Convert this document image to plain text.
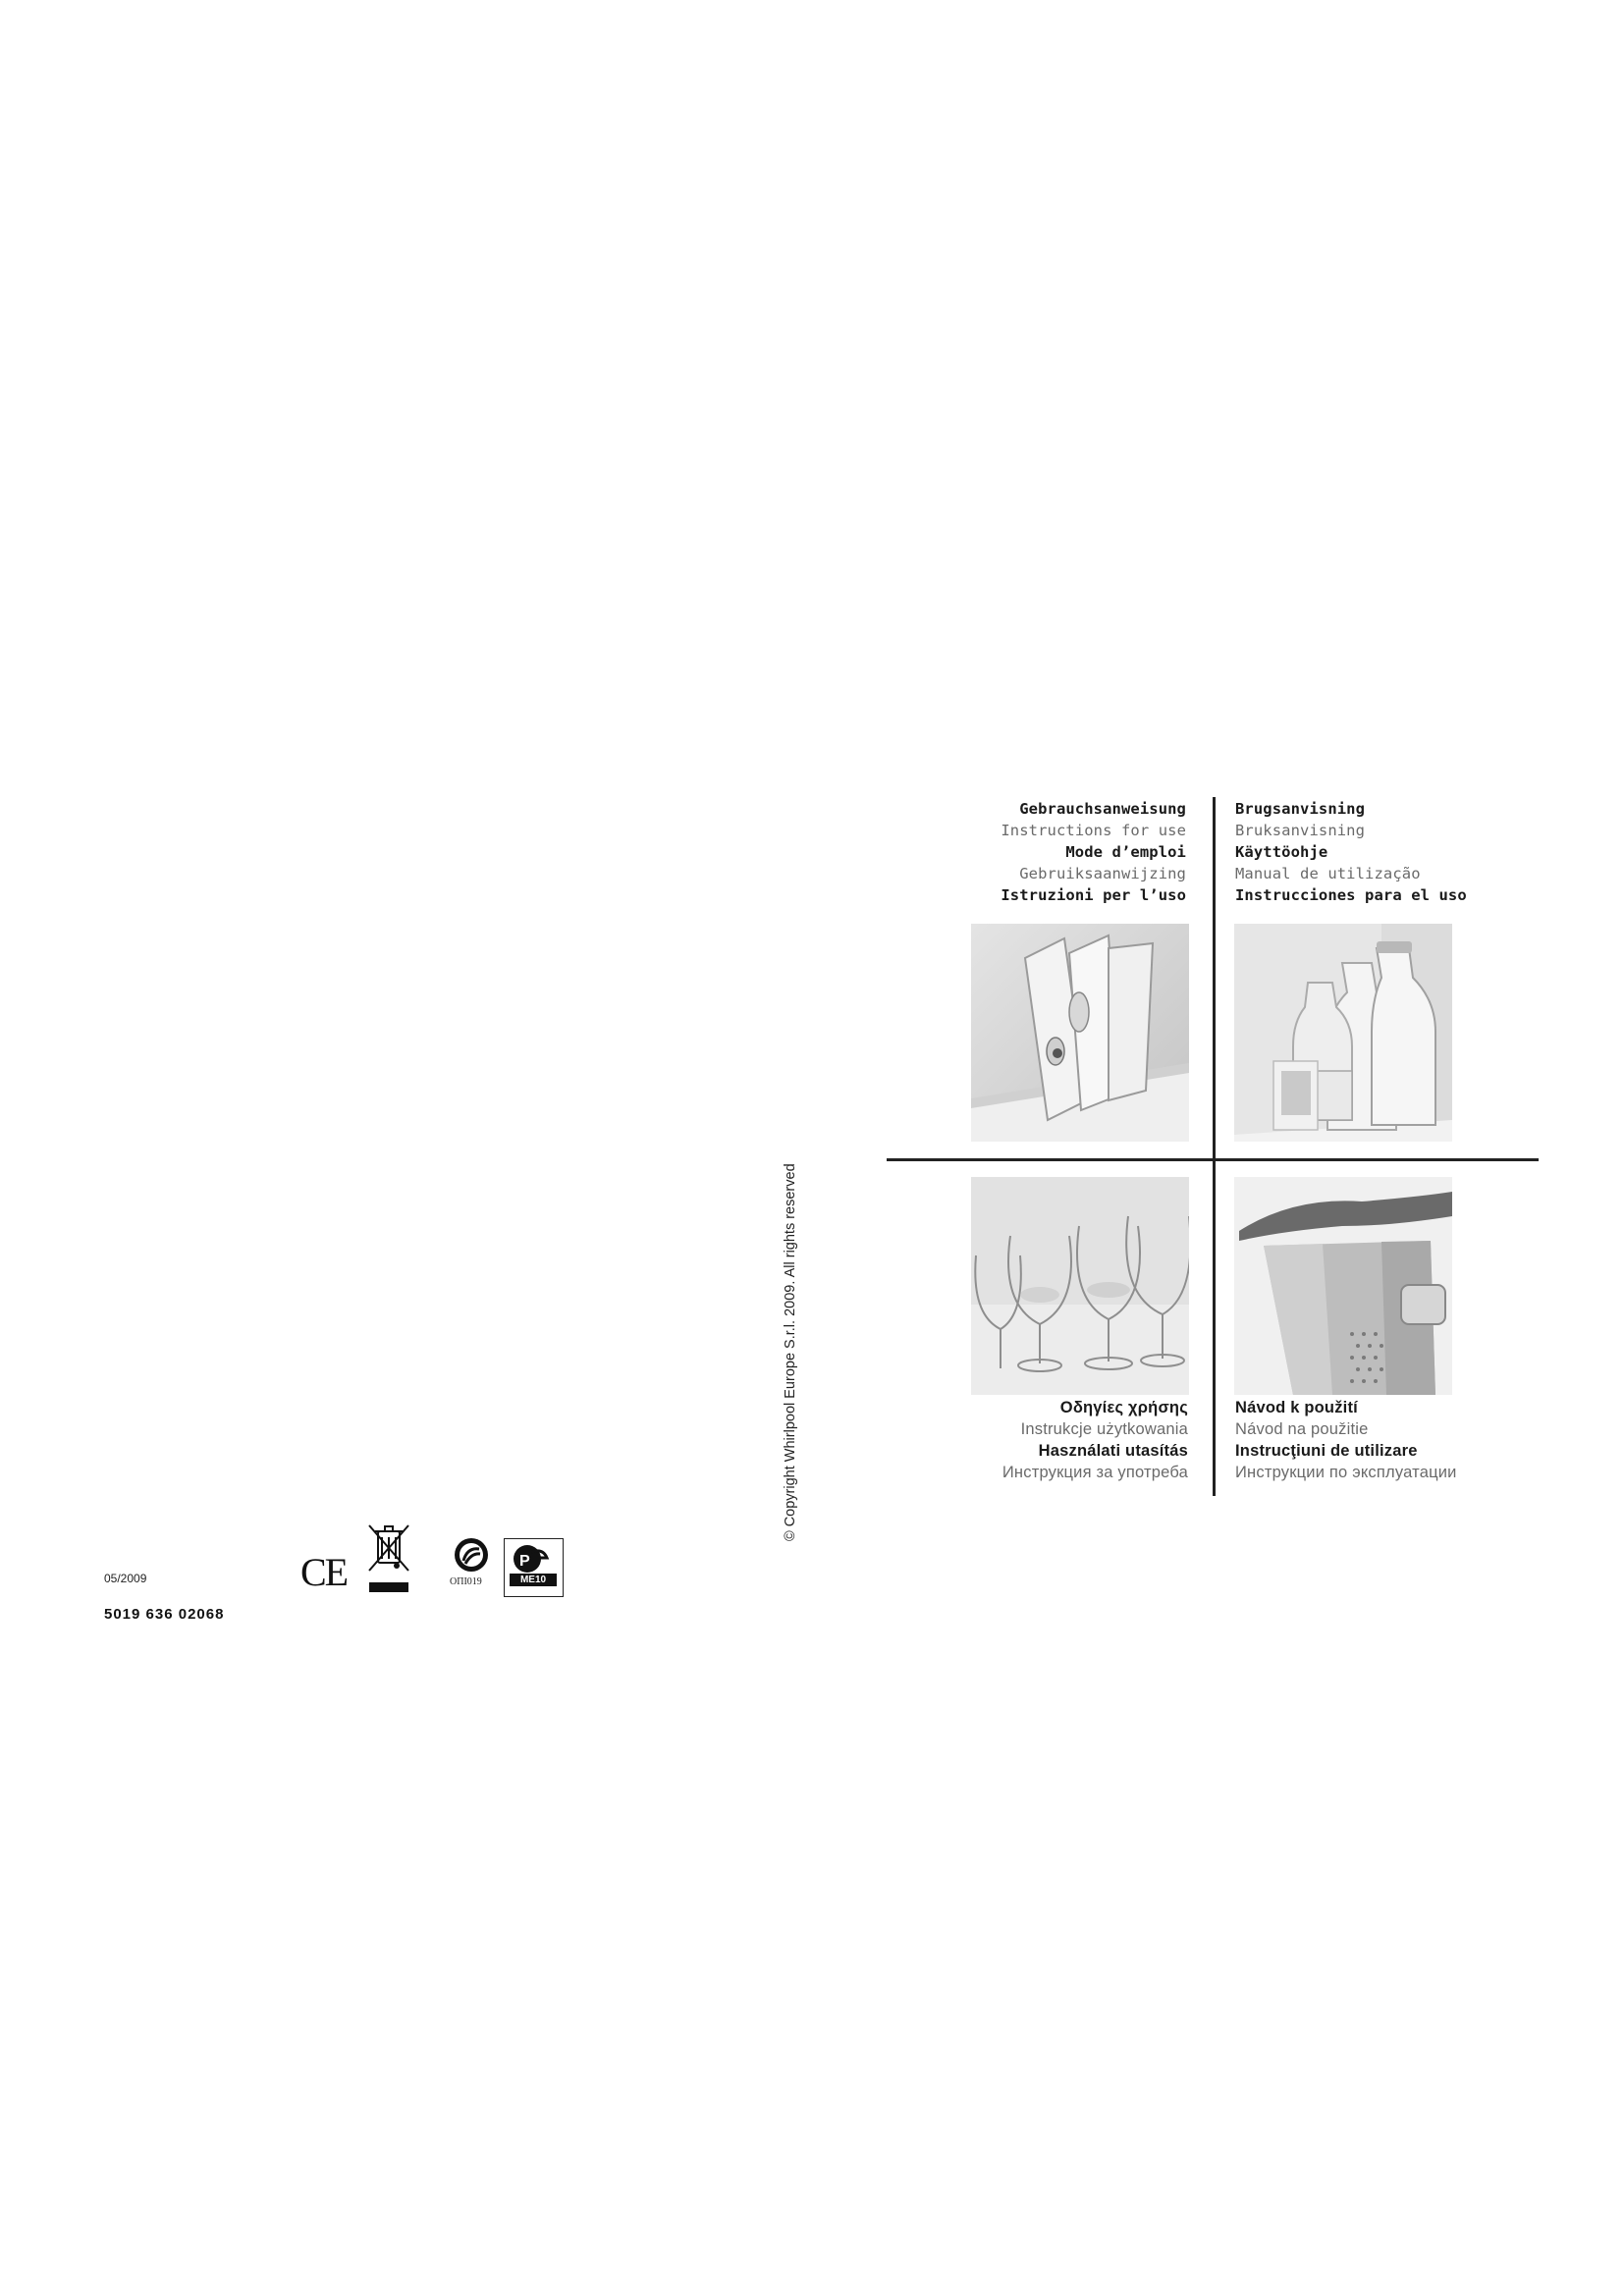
Gebrauchsanweisung
Instructions for use
Mode d’emploi
Gebruiksaanwijzing
Istruzioni per l’uso
Brugsanvisning
Bruksanvisning
Käyttöohje
Manual de utilização
Instrucciones para el uso
Οδηγίες χρήσης
Instrukcje użytkowania
Használati utasítás
Инструкция за употреба
Návod k použití
Návod na použitie
Instrucţiuni de utilizare
Инструкции по эксплуатации
© Copyright Whirlpool Europe S.r.l. 2009. All rights reserved
05/2009
5019 636 02068
CE	ОПI019
P
ME10
